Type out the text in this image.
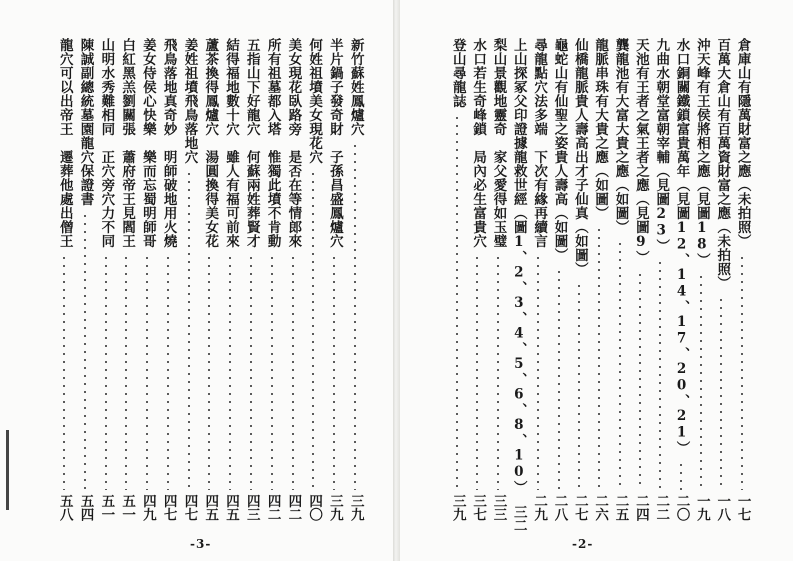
新竹蘇姓鳳爐穴
三九
半片鍋子發奇財　子孫昌盛鳳爐穴
三九
何姓祖墳美女現花穴
四〇
美女現花臥路旁　是否在等情郎來
四二
所有祖墓都入塔　惟獨此墳不肯動
四二
五指山下好龍穴　何蘇兩姓葬賢才
四三
結得福地數十穴　雖人有福可前來
四五
蘆茶換得鳳爐穴　湯圓換得美女花
四五
姜姓祖墳飛鳥落地穴
四七
飛鳥落地真奇妙　明師破地用火燒
四七
姜女侍侯心快樂　樂而忘蜀明師哥
四九
白紅黑羔劉關張　蕭府帝王見閻王
五一
山明水秀難相同　正穴旁穴力不同
五一
陳誠副總統墓園龍穴保證書
五四
龍穴可以出帝王　遷葬他處出僧王
五八
-3-
倉庫山有隱萬財富之應（未拍照）
一七
百萬大倉山有百萬資財富之應（未拍照）
一八
沖天峰有王侯將相之應（見圖18）
一九
水口銅關鐵鎖富貴萬年（見圖12、14、17、20、21）
二〇
九曲水朝堂富朝宰輔（見圖23）
二二
天池有王者之氣王者之應（見圖9）
二四
龔龍池有大富大貴之應（如圖）
二五
龍脈串珠有大貴之應（如圖）
二六
仙橋龍脈貴人壽高出才子仙真（如圖）
二七
龜蛇山有仙聖之姿貴人壽高（如圖）
二八
尋龍點穴法多端　下次有緣再續言
二九
上山探冢父印證據龍救世經（圖1、2、3、4、5、6、8、10）
三二
梨山景觀地靈奇　家父愛得如玉璧
三三
水口若生奇峰鎖　局內必生富貴穴
三七
登山尋龍誌
三九
-2-
